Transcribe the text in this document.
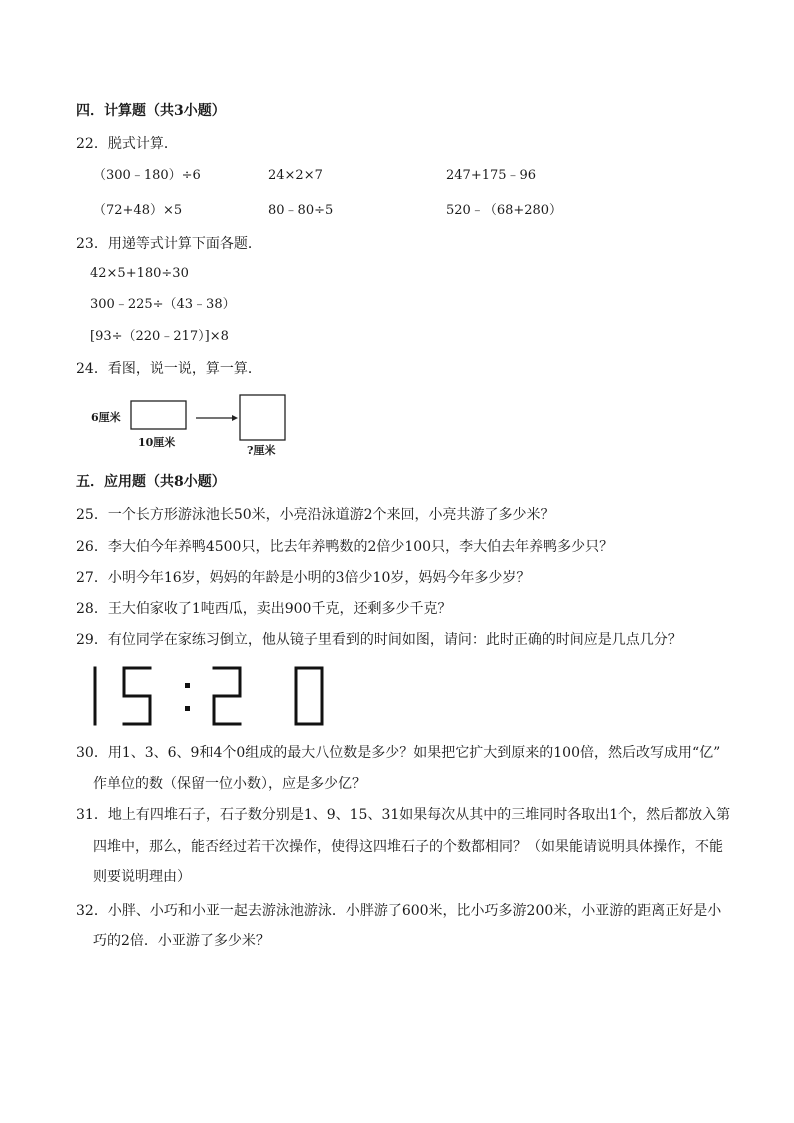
四．计算题（共3小题）
22．脱式计算．
（300﹣180）÷6	24×2×7	247+175﹣96
（72+48）×5	80﹣80÷5	520﹣（68+280）
23．用递等式计算下面各题．
42×5+180÷30
300﹣225÷（43﹣38）
[93÷（220﹣217）]×8
24．看图，说一说，算一算．
6厘米
10厘米
?厘米
五．应用题（共8小题）
25．一个长方形游泳池长50米，小亮沿泳道游2个来回，小亮共游了多少米？
26．李大伯今年养鸭4500只，比去年养鸭数的2倍少100只，李大伯去年养鸭多少只？
27．小明今年16岁，妈妈的年龄是小明的3倍少10岁，妈妈今年多少岁？
28．王大伯家收了1吨西瓜，卖出900千克，还剩多少千克？
29．有位同学在家练习倒立，他从镜子里看到的时间如图，请问：此时正确的时间应是几点几分？
30．用1、3、6、9和4个0组成的最大八位数是多少？如果把它扩大到原来的100倍，然后改写成用“亿”
作单位的数（保留一位小数），应是多少亿？
31．地上有四堆石子，石子数分别是1、9、15、31如果每次从其中的三堆同时各取出1个，然后都放入第
四堆中，那么，能否经过若干次操作，使得这四堆石子的个数都相同？（如果能请说明具体操作，不能
则要说明理由）
32．小胖、小巧和小亚一起去游泳池游泳．小胖游了600米，比小巧多游200米，小亚游的距离正好是小
巧的2倍．小亚游了多少米？
